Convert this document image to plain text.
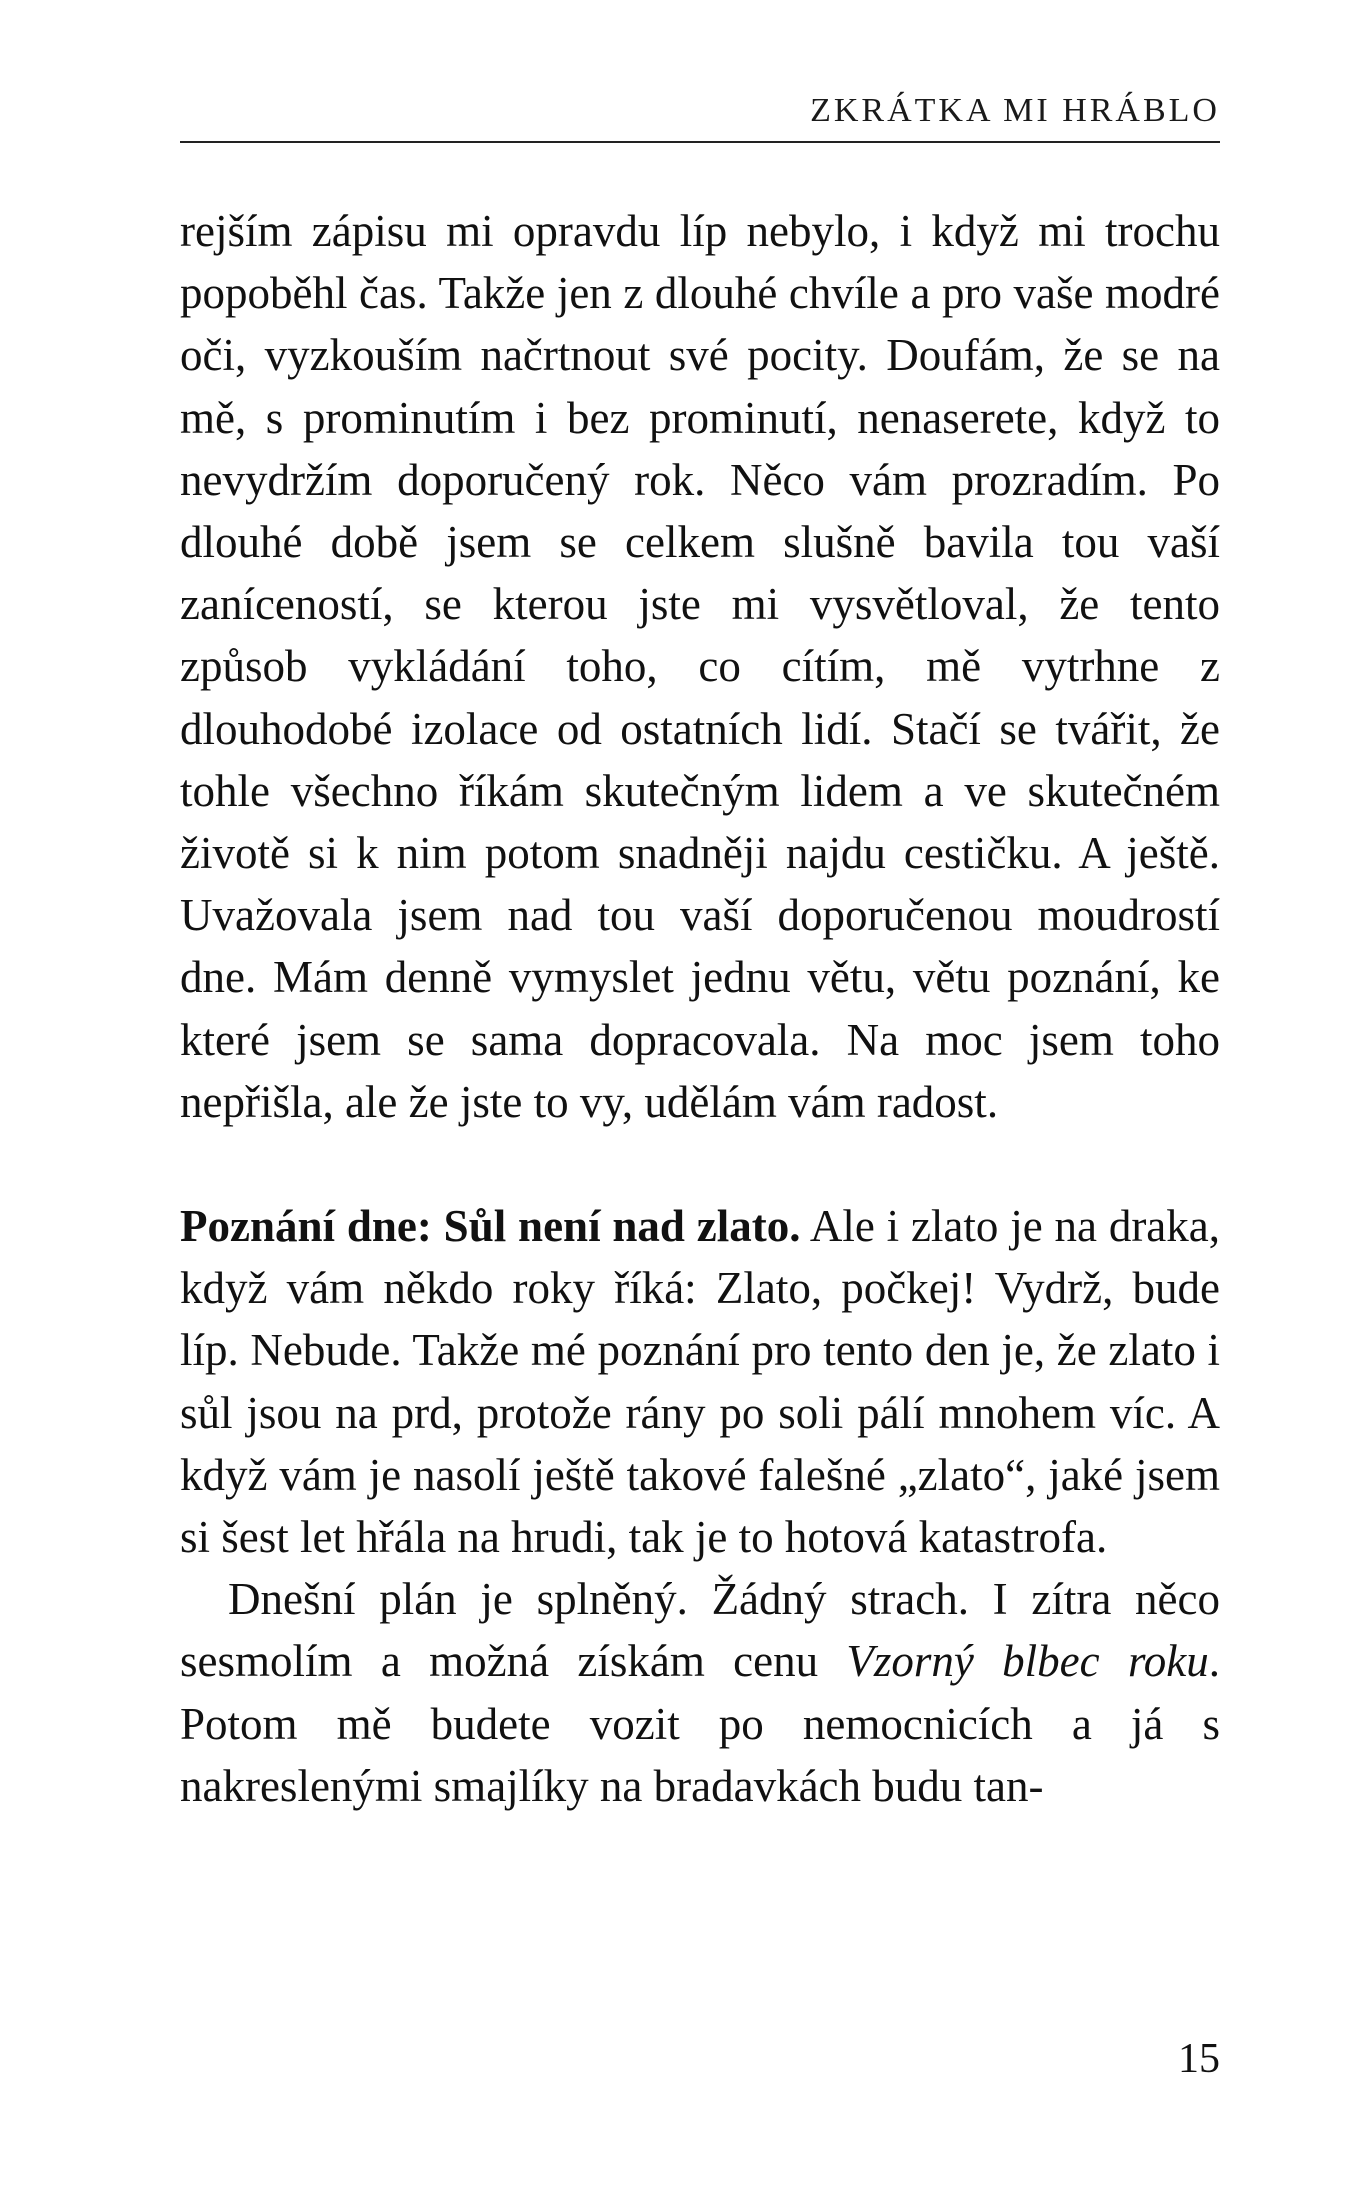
ZKRÁTKA MI HRÁBLO

rejším zápisu mi opravdu líp nebylo, i když mi trochu popoběhl čas. Takže jen z dlouhé chvíle a pro vaše modré oči, vyzkouším načrtnout své pocity. Doufám, že se na mě, s prominutím i bez prominutí, nenaserete, když to nevydržím doporučený rok. Něco vám prozradím. Po dlouhé době jsem se celkem slušně bavila tou vaší zaníceností, se kterou jste mi vysvětloval, že tento způsob vykládání toho, co cítím, mě vytrhne z dlouhodobé izolace od ostatních lidí. Stačí se tvářit, že tohle všechno říkám skutečným lidem a ve skutečném životě si k nim potom snadněji najdu cestičku. A ještě. Uvažovala jsem nad tou vaší doporučenou moudrostí dne. Mám denně vymyslet jednu větu, větu poznání, ke které jsem se sama dopracovala. Na moc jsem toho nepřišla, ale že jste to vy, udělám vám radost.

Poznání dne: Sůl není nad zlato. Ale i zlato je na draka, když vám někdo roky říká: Zlato, počkej! Vydrž, bude líp. Nebude. Takže mé poznání pro tento den je, že zlato i sůl jsou na prd, protože rány po soli pálí mnohem víc. A když vám je nasolí ještě takové falešné „zlato“, jaké jsem si šest let hřála na hrudi, tak je to hotová katastrofa.

Dnešní plán je splněný. Žádný strach. I zítra něco sesmolím a možná získám cenu Vzorný blbec roku. Potom mě budete vozit po nemocnicích a já s nakreslenými smajlíky na bradavkách budu tan-

15
